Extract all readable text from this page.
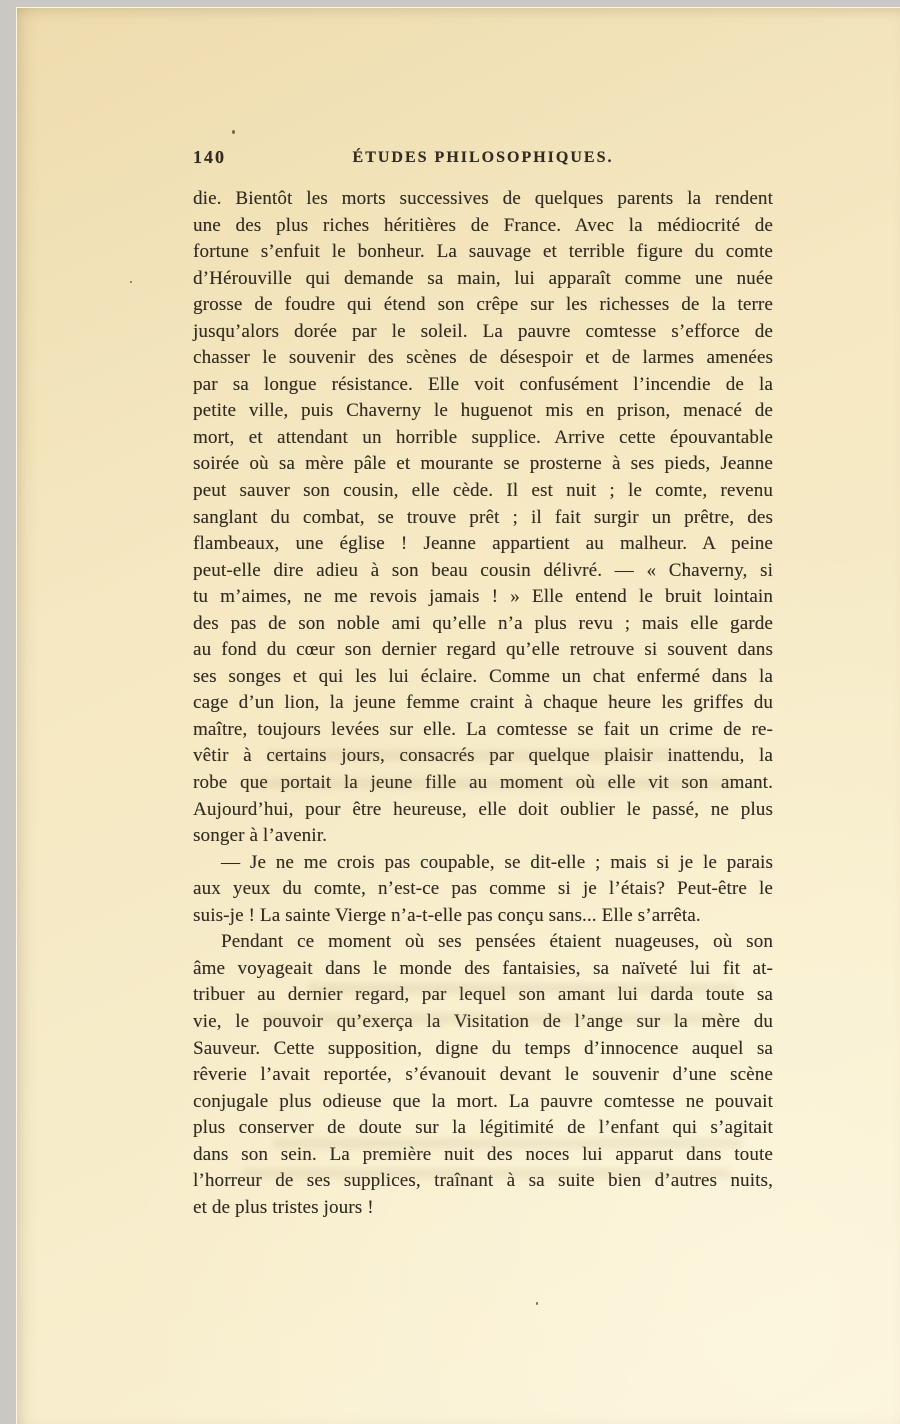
140	ÉTUDES PHILOSOPHIQUES.
die. Bientôt les morts successives de quelques parents la rendent
une des plus riches héritières de France. Avec la médiocrité de
fortune s’enfuit le bonheur. La sauvage et terrible figure du comte
d’Hérouville qui demande sa main, lui apparaît comme une nuée
grosse de foudre qui étend son crêpe sur les richesses de la terre
jusqu’alors dorée par le soleil. La pauvre comtesse s’efforce de
chasser le souvenir des scènes de désespoir et de larmes amenées
par sa longue résistance. Elle voit confusément l’incendie de la
petite ville, puis Chaverny le huguenot mis en prison, menacé de
mort, et attendant un horrible supplice. Arrive cette épouvantable
soirée où sa mère pâle et mourante se prosterne à ses pieds, Jeanne
peut sauver son cousin, elle cède. Il est nuit ; le comte, revenu
sanglant du combat, se trouve prêt ; il fait surgir un prêtre, des
flambeaux, une église ! Jeanne appartient au malheur. A peine
peut-elle dire adieu à son beau cousin délivré. — « Chaverny, si
tu m’aimes, ne me revois jamais ! » Elle entend le bruit lointain
des pas de son noble ami qu’elle n’a plus revu ; mais elle garde
au fond du cœur son dernier regard qu’elle retrouve si souvent dans
ses songes et qui les lui éclaire. Comme un chat enfermé dans la
cage d’un lion, la jeune femme craint à chaque heure les griffes du
maître, toujours levées sur elle. La comtesse se fait un crime de re-
vêtir à certains jours, consacrés par quelque plaisir inattendu, la
robe que portait la jeune fille au moment où elle vit son amant.
Aujourd’hui, pour être heureuse, elle doit oublier le passé, ne plus
songer à l’avenir.
— Je ne me crois pas coupable, se dit-elle ; mais si je le parais
aux yeux du comte, n’est-ce pas comme si je l’étais? Peut-être le
suis-je ! La sainte Vierge n’a-t-elle pas conçu sans... Elle s’arrêta.
Pendant ce moment où ses pensées étaient nuageuses, où son
âme voyageait dans le monde des fantaisies, sa naïveté lui fit at-
tribuer au dernier regard, par lequel son amant lui darda toute sa
vie, le pouvoir qu’exerça la Visitation de l’ange sur la mère du
Sauveur. Cette supposition, digne du temps d’innocence auquel sa
rêverie l’avait reportée, s’évanouit devant le souvenir d’une scène
conjugale plus odieuse que la mort. La pauvre comtesse ne pouvait
plus conserver de doute sur la légitimité de l’enfant qui s’agitait
dans son sein. La première nuit des noces lui apparut dans toute
l’horreur de ses supplices, traînant à sa suite bien d’autres nuits,
et de plus tristes jours !
